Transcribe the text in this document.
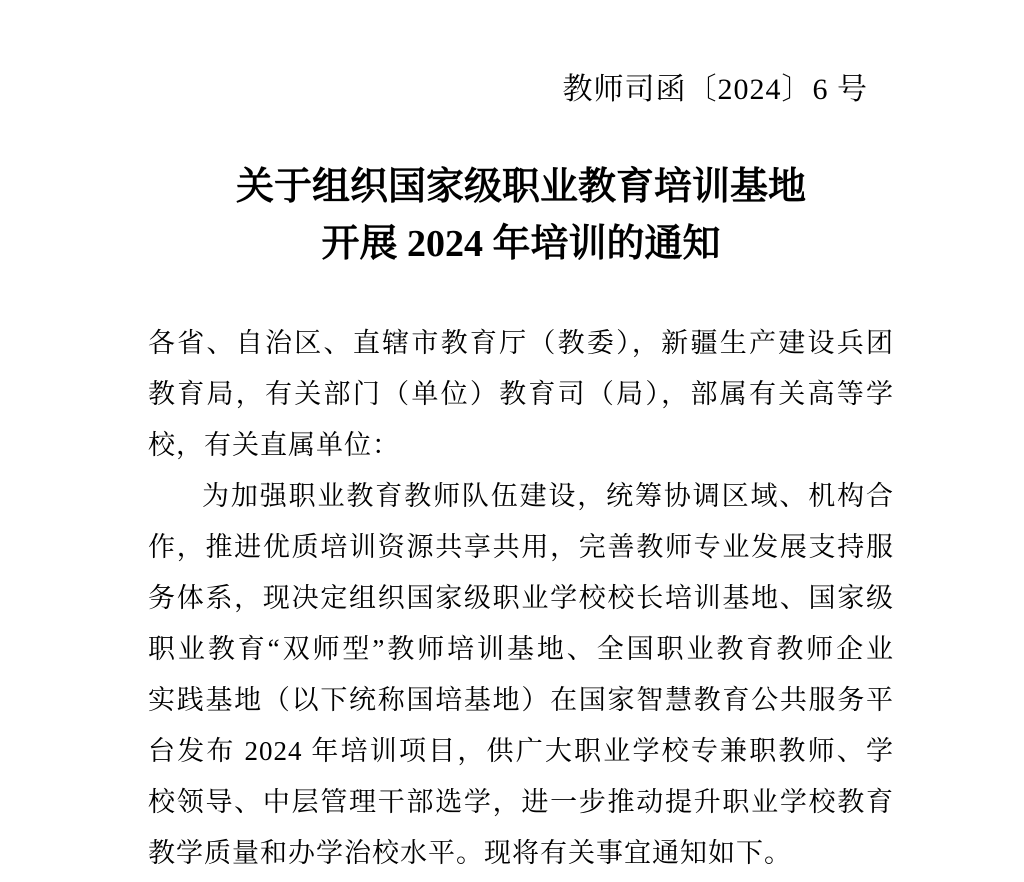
教师司函〔2024〕6 号
关于组织国家级职业教育培训基地
开展 2024 年培训的通知
各省、自治区、直辖市教育厅（教委），新疆生产建设兵团
教育局，有关部门（单位）教育司（局），部属有关高等学
校，有关直属单位：
为加强职业教育教师队伍建设，统筹协调区域、机构合
作，推进优质培训资源共享共用，完善教师专业发展支持服
务体系，现决定组织国家级职业学校校长培训基地、国家级
职业教育“双师型”教师培训基地、全国职业教育教师企业
实践基地（以下统称国培基地）在国家智慧教育公共服务平
台发布 2024 年培训项目，供广大职业学校专兼职教师、学
校领导、中层管理干部选学，进一步推动提升职业学校教育
教学质量和办学治校水平。现将有关事宜通知如下。
